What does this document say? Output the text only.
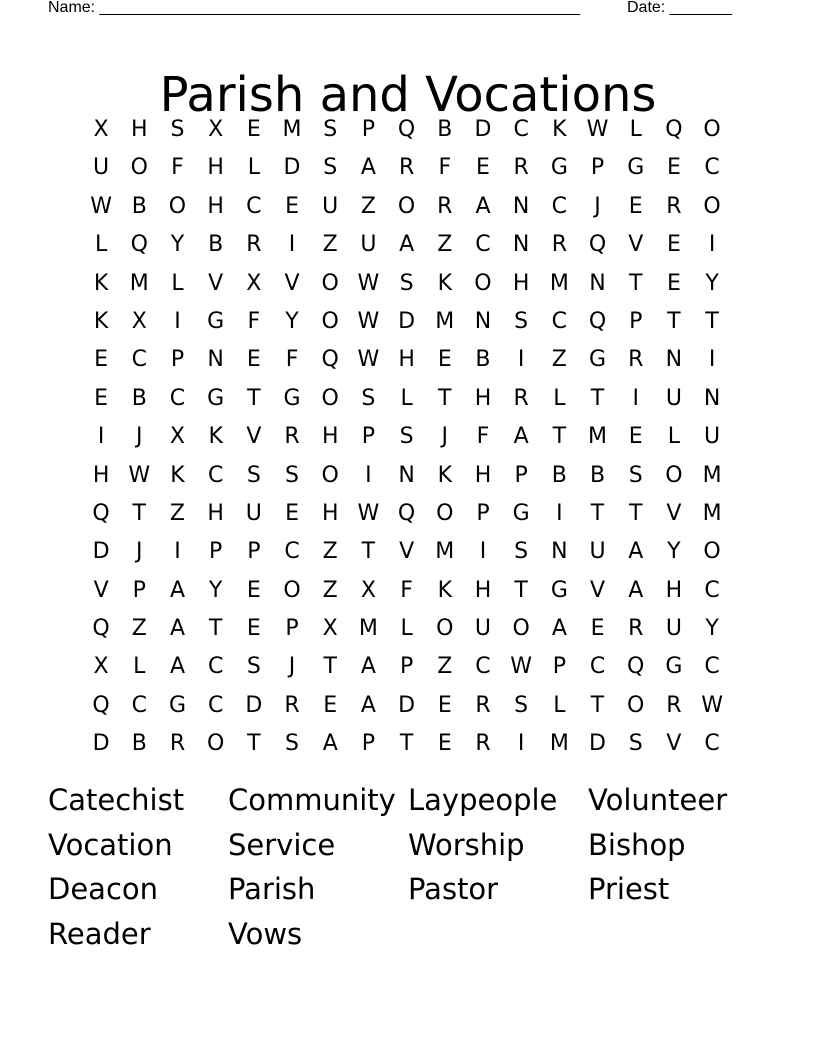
Name: ______________________________________________________	Date: _______
Parish and Vocations
X	H	S	X	E M S	P	Q B	D	C	K W L	Q O
U O	F	H	L	D	S	A	R	F	E	R	G	P	G	E	C
W B O H	C	E	U	Z O R	A	N	C	J	E	R O
L	Q	Y	B	R	I	Z	U	A	Z	C	N	R Q	V	E	I
K M	L	V	X	V O W S	K	O H M N	T	E	Y
K	X	I	G	F	Y	O W D M N	S	C Q	P	T	T
E	C	P	N	E	F	Q W H	E	B	I	Z	G	R	N	I
E	B	C G	T	G O	S	L	T	H	R	L	T	I	U N
I	J	X	K	V	R	H	P	S	J	F	A	T M E	L	U
H W K	C	S	S	O	I	N	K	H	P	B	B	S	O M
Q	T	Z	H U	E	H W Q O	P	G	I	T	T	V M
D	J	I	P	P	C	Z	T	V M	I	S	N U	A	Y	O
V	P	A	Y	E	O Z	X	F	K	H	T	G	V	A	H	C
Q Z	A	T	E	P	X M	L	O U O	A	E	R	U	Y
X	L	A	C	S	J	T	A	P	Z	C W P	C Q G C
Q C G C	D	R	E	A	D	E	R	S	L	T	O R W
D	B	R O	T	S	A	P	T	E	R	I	M D	S	V	C
Catechist	Community Laypeople	Volunteer
Vocation	Service	Worship	Bishop
Deacon	Parish	Pastor	Priest
Reader	Vows
